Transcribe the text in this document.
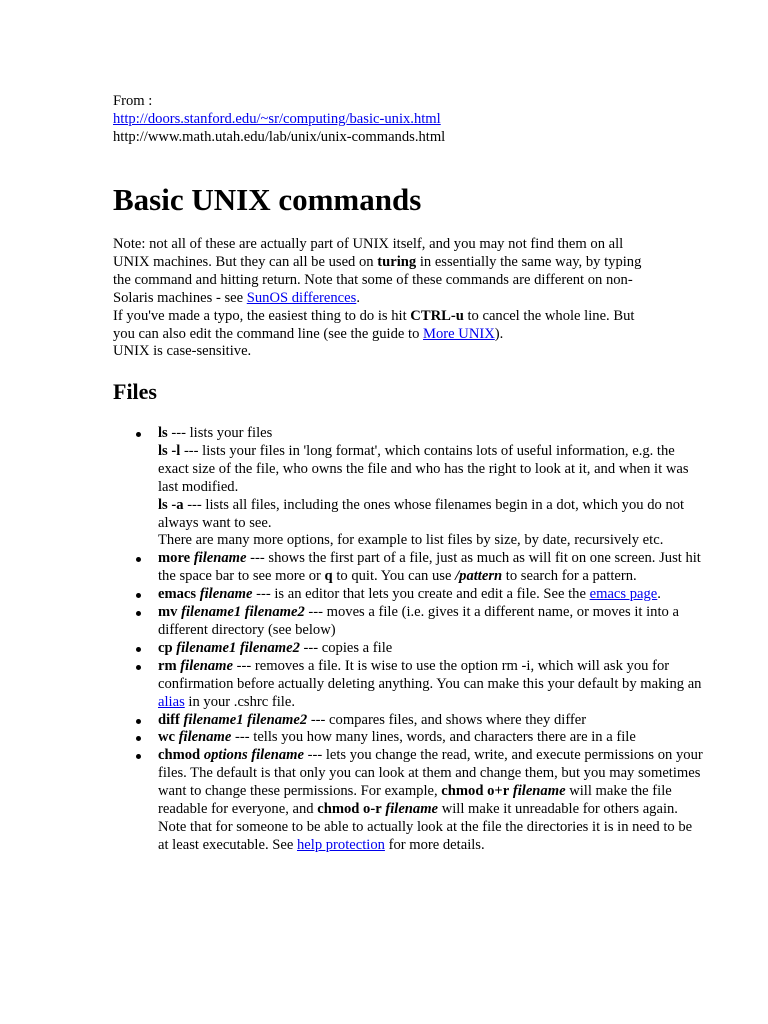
From :
http://doors.stanford.edu/~sr/computing/basic-unix.html
http://www.math.utah.edu/lab/unix/unix-commands.html
Basic UNIX commands

Note: not all of these are actually part of UNIX itself, and you may not find them on all UNIX machines. But they can all be used on turing in essentially the same way, by typing the command and hitting return. Note that some of these commands are different on non-Solaris machines - see SunOS differences.

If you've made a typo, the easiest thing to do is hit CTRL-u to cancel the whole line. But you can also edit the command line (see the guide to More UNIX).

UNIX is case-sensitive.

Files
ls --- lists your files
ls -l --- lists your files in 'long format', which contains lots of useful information, e.g. the exact size of the file, who owns the file and who has the right to look at it, and when it was last modified.
ls -a --- lists all files, including the ones whose filenames begin in a dot, which you do not always want to see.
There are many more options, for example to list files by size, by date, recursively etc.
more filename --- shows the first part of a file, just as much as will fit on one screen. Just hit the space bar to see more or q to quit. You can use /pattern to search for a pattern.
emacs filename --- is an editor that lets you create and edit a file. See the emacs page.
mv filename1 filename2 --- moves a file (i.e. gives it a different name, or moves it into a different directory (see below)
cp filename1 filename2 --- copies a file
rm filename --- removes a file. It is wise to use the option rm -i, which will ask you for confirmation before actually deleting anything. You can make this your default by making an alias in your .cshrc file.
diff filename1 filename2 --- compares files, and shows where they differ
wc filename --- tells you how many lines, words, and characters there are in a file
chmod options filename --- lets you change the read, write, and execute permissions on your files. The default is that only you can look at them and change them, but you may sometimes want to change these permissions. For example, chmod o+r filename will make the file readable for everyone, and chmod o-r filename will make it unreadable for others again. Note that for someone to be able to actually look at the file the directories it is in need to be at least executable. See help protection for more details.
